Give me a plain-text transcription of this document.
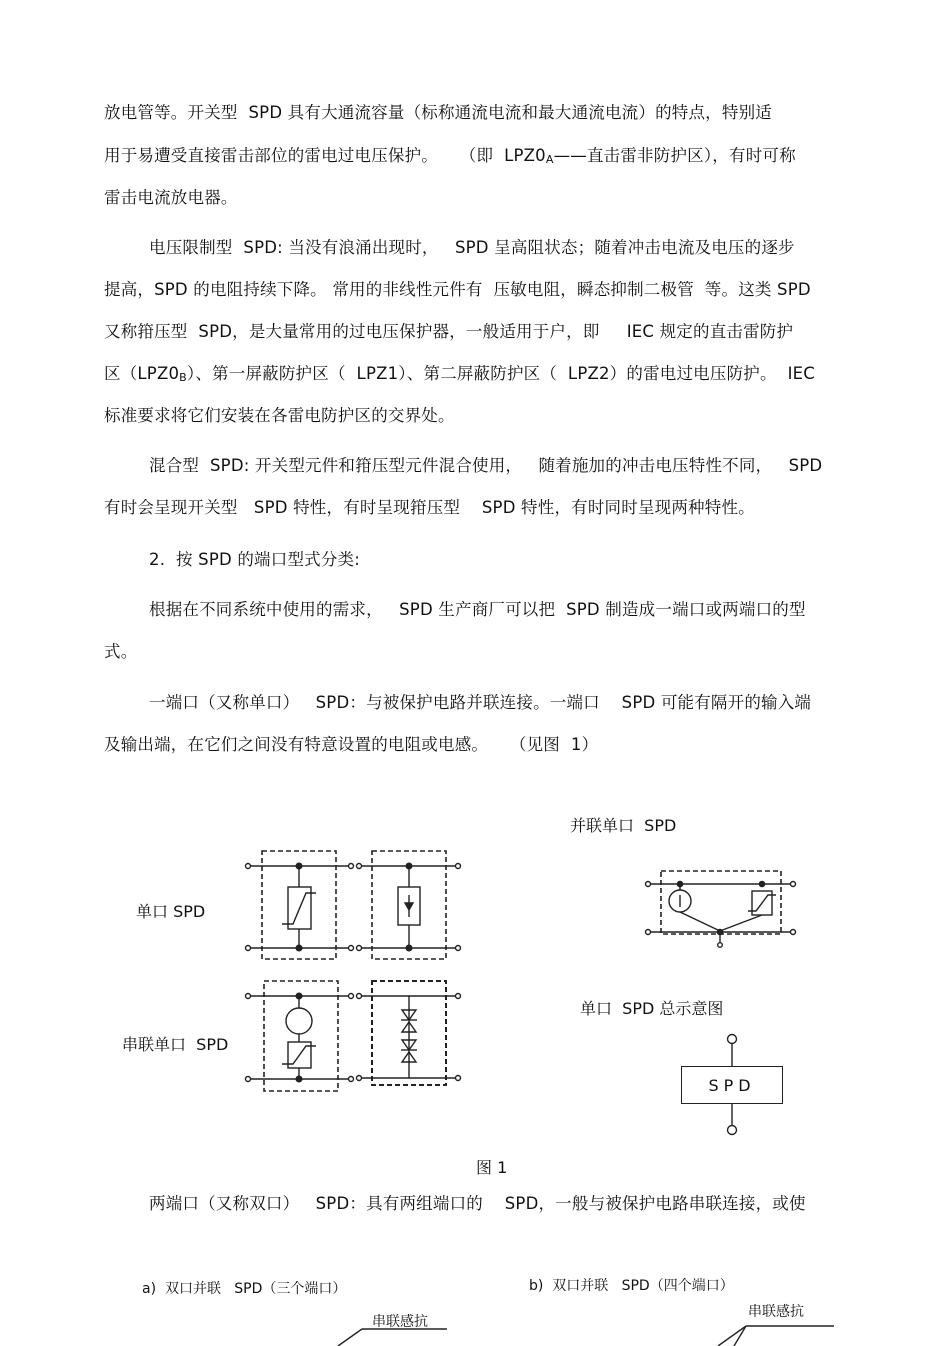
放电管等。开关型  SPD 具有大通流容量（标称通流电流和最大通流电流）的特点，特别适
用于易遭受直接雷击部位的雷电过电压保护。    （即  $LPZ0_A——$直击雷非防护区），有时可称
雷击电流放电器。
电压限制型  SPD: 当没有浪涌出现时，   SPD 呈高阻状态；随着冲击电流及电压的逐步
提高，SPD 的电阻持续下降。 常用的非线性元件有  压敏电阻，瞬态抑制二极管  等。这类 SPD
又称箝压型  SPD，是大量常用的过电压保护器，一般适用于户，即     IEC 规定的直击雷防护
区$(LPZ0_B)$、第一屏蔽防护区（  LPZ1）、第二屏蔽防护区（  LPZ2）的雷电过电压防护。  IEC
标准要求将它们安装在各雷电防护区的交界处。
混合型  SPD: 开关型元件和箝压型元件混合使用，   随着施加的冲击电压特性不同，   SPD
有时会呈现开关型   SPD 特性，有时呈现箝压型    SPD 特性，有时同时呈现两种特性。
2.  按 SPD 的端口型式分类:
根据在不同系统中使用的需求，   SPD 生产商厂可以把  SPD 制造成一端口或两端口的型
式。
一端口（又称单口）   SPD：与被保护电路并联连接。一端口    SPD 可能有隔开的输入端
及输出端，在它们之间没有特意设置的电阻或电感。    （见图  1）
并联单口  SPD
单口 SPD
单口  SPD 总示意图
串联单口  SPD
SPD
图 1
两端口（又称双口）   SPD：具有两组端口的    SPD，一般与被保护电路串联连接，或使
a)  双口并联   SPD（三个端口）	b)  双口并联   SPD（四个端口）
串联感抗
串联感抗
